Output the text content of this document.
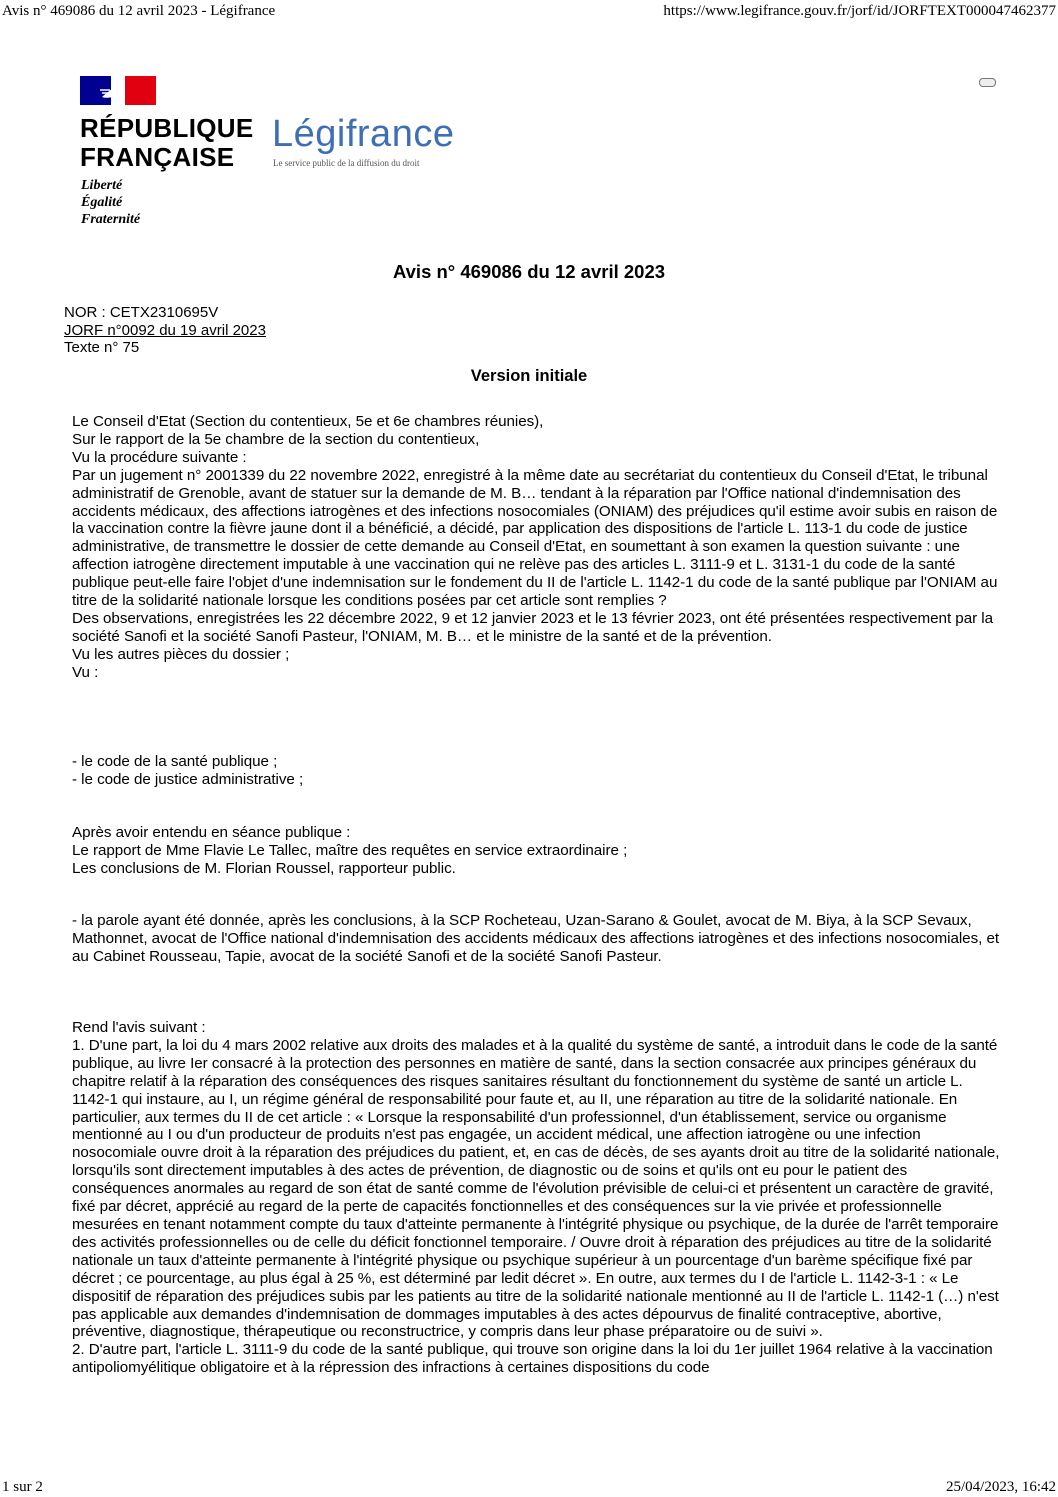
Avis n° 469086 du 12 avril 2023 - Légifrance	https://www.legifrance.gouv.fr/jorf/id/JORFTEXT000047462377
RÉPUBLIQUE
FRANÇAISE
Liberté
Égalité
Fraternité
Légifrance
Le service public de la diffusion du droit
Avis n° 469086 du 12 avril 2023
NOR : CETX2310695V
JORF n°0092 du 19 avril 2023
Texte n° 75
Version initiale

Le Conseil d'Etat (Section du contentieux, 5e et 6e chambres réunies),

Sur le rapport de la 5e chambre de la section du contentieux,

Vu la procédure suivante :

Par un jugement n° 2001339 du 22 novembre 2022, enregistré à la même date au secrétariat du contentieux du Conseil d'Etat, le tribunal administratif de Grenoble, avant de statuer sur la demande de M. B… tendant à la réparation par l'Office national d'indemnisation des accidents médicaux, des affections iatrogènes et des infections nosocomiales (ONIAM) des préjudices qu'il estime avoir subis en raison de la vaccination contre la fièvre jaune dont il a bénéficié, a décidé, par application des dispositions de l'article L. 113-1 du code de justice administrative, de transmettre le dossier de cette demande au Conseil d'Etat, en soumettant à son examen la question suivante : une affection iatrogène directement imputable à une vaccination qui ne relève pas des articles L. 3111-9 et L. 3131-1 du code de la santé publique peut-elle faire l'objet d'une indemnisation sur le fondement du II de l'article L. 1142-1 du code de la santé publique par l'ONIAM au titre de la solidarité nationale lorsque les conditions posées par cet article sont remplies ?

Des observations, enregistrées les 22 décembre 2022, 9 et 12 janvier 2023 et le 13 février 2023, ont été présentées respectivement par la société Sanofi et la société Sanofi Pasteur, l'ONIAM, M. B… et le ministre de la santé et de la prévention.

Vu les autres pièces du dossier ;

Vu :

- le code de la santé publique ;

- le code de justice administrative ;

Après avoir entendu en séance publique :

Le rapport de Mme Flavie Le Tallec, maître des requêtes en service extraordinaire ;

Les conclusions de M. Florian Roussel, rapporteur public.

- la parole ayant été donnée, après les conclusions, à la SCP Rocheteau, Uzan-Sarano & Goulet, avocat de M. Biya, à la SCP Sevaux, Mathonnet, avocat de l'Office national d'indemnisation des accidents médicaux des affections iatrogènes et des infections nosocomiales, et au Cabinet Rousseau, Tapie, avocat de la société Sanofi et de la société Sanofi Pasteur.

Rend l'avis suivant :

1. D'une part, la loi du 4 mars 2002 relative aux droits des malades et à la qualité du système de santé, a introduit dans le code de la santé publique, au livre Ier consacré à la protection des personnes en matière de santé, dans la section consacrée aux principes généraux du chapitre relatif à la réparation des conséquences des risques sanitaires résultant du fonctionnement du système de santé un article L. 1142-1 qui instaure, au I, un régime général de responsabilité pour faute et, au II, une réparation au titre de la solidarité nationale. En particulier, aux termes du II de cet article : « Lorsque la responsabilité d'un professionnel, d'un établissement, service ou organisme mentionné au I ou d'un producteur de produits n'est pas engagée, un accident médical, une affection iatrogène ou une infection nosocomiale ouvre droit à la réparation des préjudices du patient, et, en cas de décès, de ses ayants droit au titre de la solidarité nationale, lorsqu'ils sont directement imputables à des actes de prévention, de diagnostic ou de soins et qu'ils ont eu pour le patient des conséquences anormales au regard de son état de santé comme de l'évolution prévisible de celui-ci et présentent un caractère de gravité, fixé par décret, apprécié au regard de la perte de capacités fonctionnelles et des conséquences sur la vie privée et professionnelle mesurées en tenant notamment compte du taux d'atteinte permanente à l'intégrité physique ou psychique, de la durée de l'arrêt temporaire des activités professionnelles ou de celle du déficit fonctionnel temporaire. / Ouvre droit à réparation des préjudices au titre de la solidarité nationale un taux d'atteinte permanente à l'intégrité physique ou psychique supérieur à un pourcentage d'un barème spécifique fixé par décret ; ce pourcentage, au plus égal à 25 %, est déterminé par ledit décret ». En outre, aux termes du I de l'article L. 1142-3-1 : « Le dispositif de réparation des préjudices subis par les patients au titre de la solidarité nationale mentionné au II de l'article L. 1142-1 (…) n'est pas applicable aux demandes d'indemnisation de dommages imputables à des actes dépourvus de finalité contraceptive, abortive, préventive, diagnostique, thérapeutique ou reconstructrice, y compris dans leur phase préparatoire ou de suivi ».

2. D'autre part, l'article L. 3111-9 du code de la santé publique, qui trouve son origine dans la loi du 1er juillet 1964 relative à la vaccination antipoliomyélitique obligatoire et à la répression des infractions à certaines dispositions du code

1 sur 2	25/04/2023, 16:42
